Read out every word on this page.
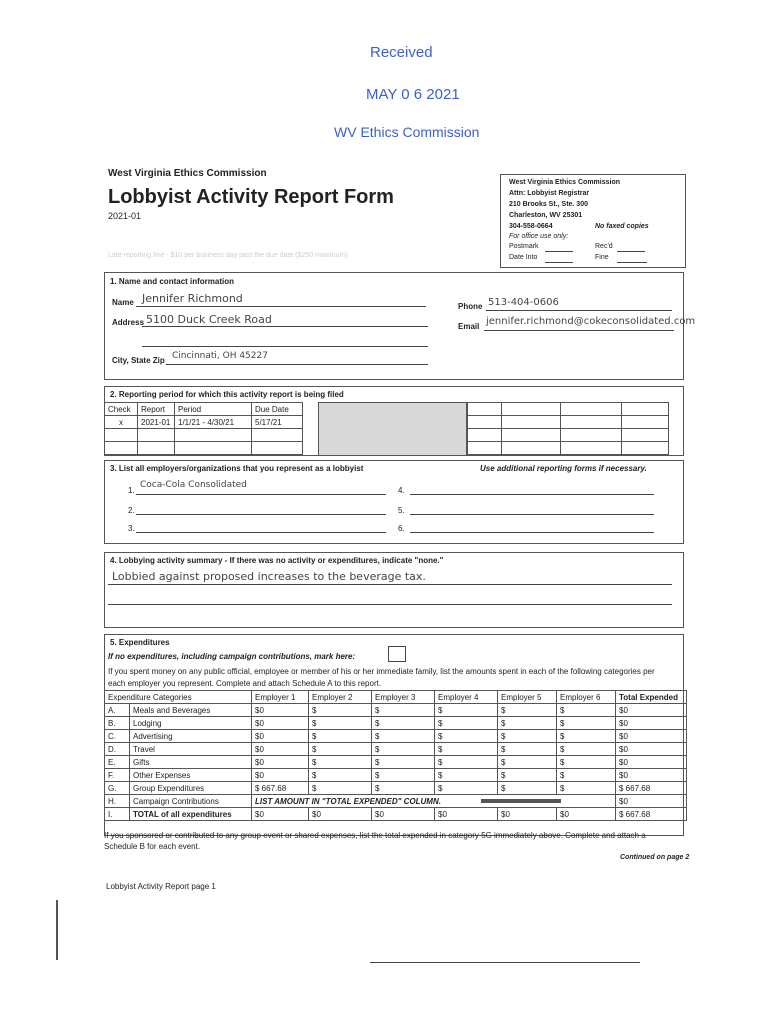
Received
MAY 0 6 2021
WV Ethics Commission
West Virginia Ethics Commission
Lobbyist Activity Report Form
2021-01
Late reporting fine - $10 per business day past the due date ($250 maximum)
West Virginia Ethics Commission
Attn: Lobbyist Registrar
210 Brooks St., Ste. 300
Charleston, WV 25301
304-558-0664	No faxed copies
For office use only:
Postmark	Rec'd
Date Into	Fine
1. Name and contact information
Name Jennifer Richmond
Address 5100 Duck Creek Road
City, State Zip Cincinnati, OH 45227
Phone 513-404-0606
Email jennifer.richmond@cokeconsolidated.com
2. Reporting period for which this activity report is being filed
Check	Report	Period	Due Date
x	2021-01	1/1/21 - 4/30/21	5/17/21

3. List all employers/organizations that you represent as a lobbyist	Use additional reporting forms if necessary.
1.
Coca-Cola Consolidated
2.
3.
4.
5.
6.
4. Lobbying activity summary - If there was no activity or expenditures, indicate "none."
Lobbied against proposed increases to the beverage tax.
5. Expenditures
If no expenditures, including campaign contributions, mark here:
If you spent money on any public official, employee or member of his or her immediate family, list the amounts spent in each of the following categories per each employer you represent. Complete and attach Schedule A to this report.
Expenditure Categories		Employer 1	Employer 2	Employer 3	Employer 4	Employer 5	Employer 6	Total Expended
A.	Meals and Beverages	$0	$	$	$	$	$	$0
B.	Lodging	$0	$	$	$	$	$	$0
C.	Advertising	$0	$	$	$	$	$	$0
D.	Travel	$0	$	$	$	$	$	$0
E.	Gifts	$0	$	$	$	$	$	$0
F.	Other Expenses	$0	$	$	$	$	$	$0
G.	Group Expenditures	$ 667.68	$	$	$	$	$	$ 667.68
H.	Campaign Contributions	LIST AMOUNT IN "TOTAL EXPENDED" COLUMN.						$0
I.	TOTAL of all expenditures	$0	$0	$0	$0	$0	$0	$ 667.68
If you sponsored or contributed to any group event or shared expenses, list the total expended in category 5G immediately above. Complete and attach a Schedule B for each event.
Continued on page 2
Lobbyist Activity Report page 1
